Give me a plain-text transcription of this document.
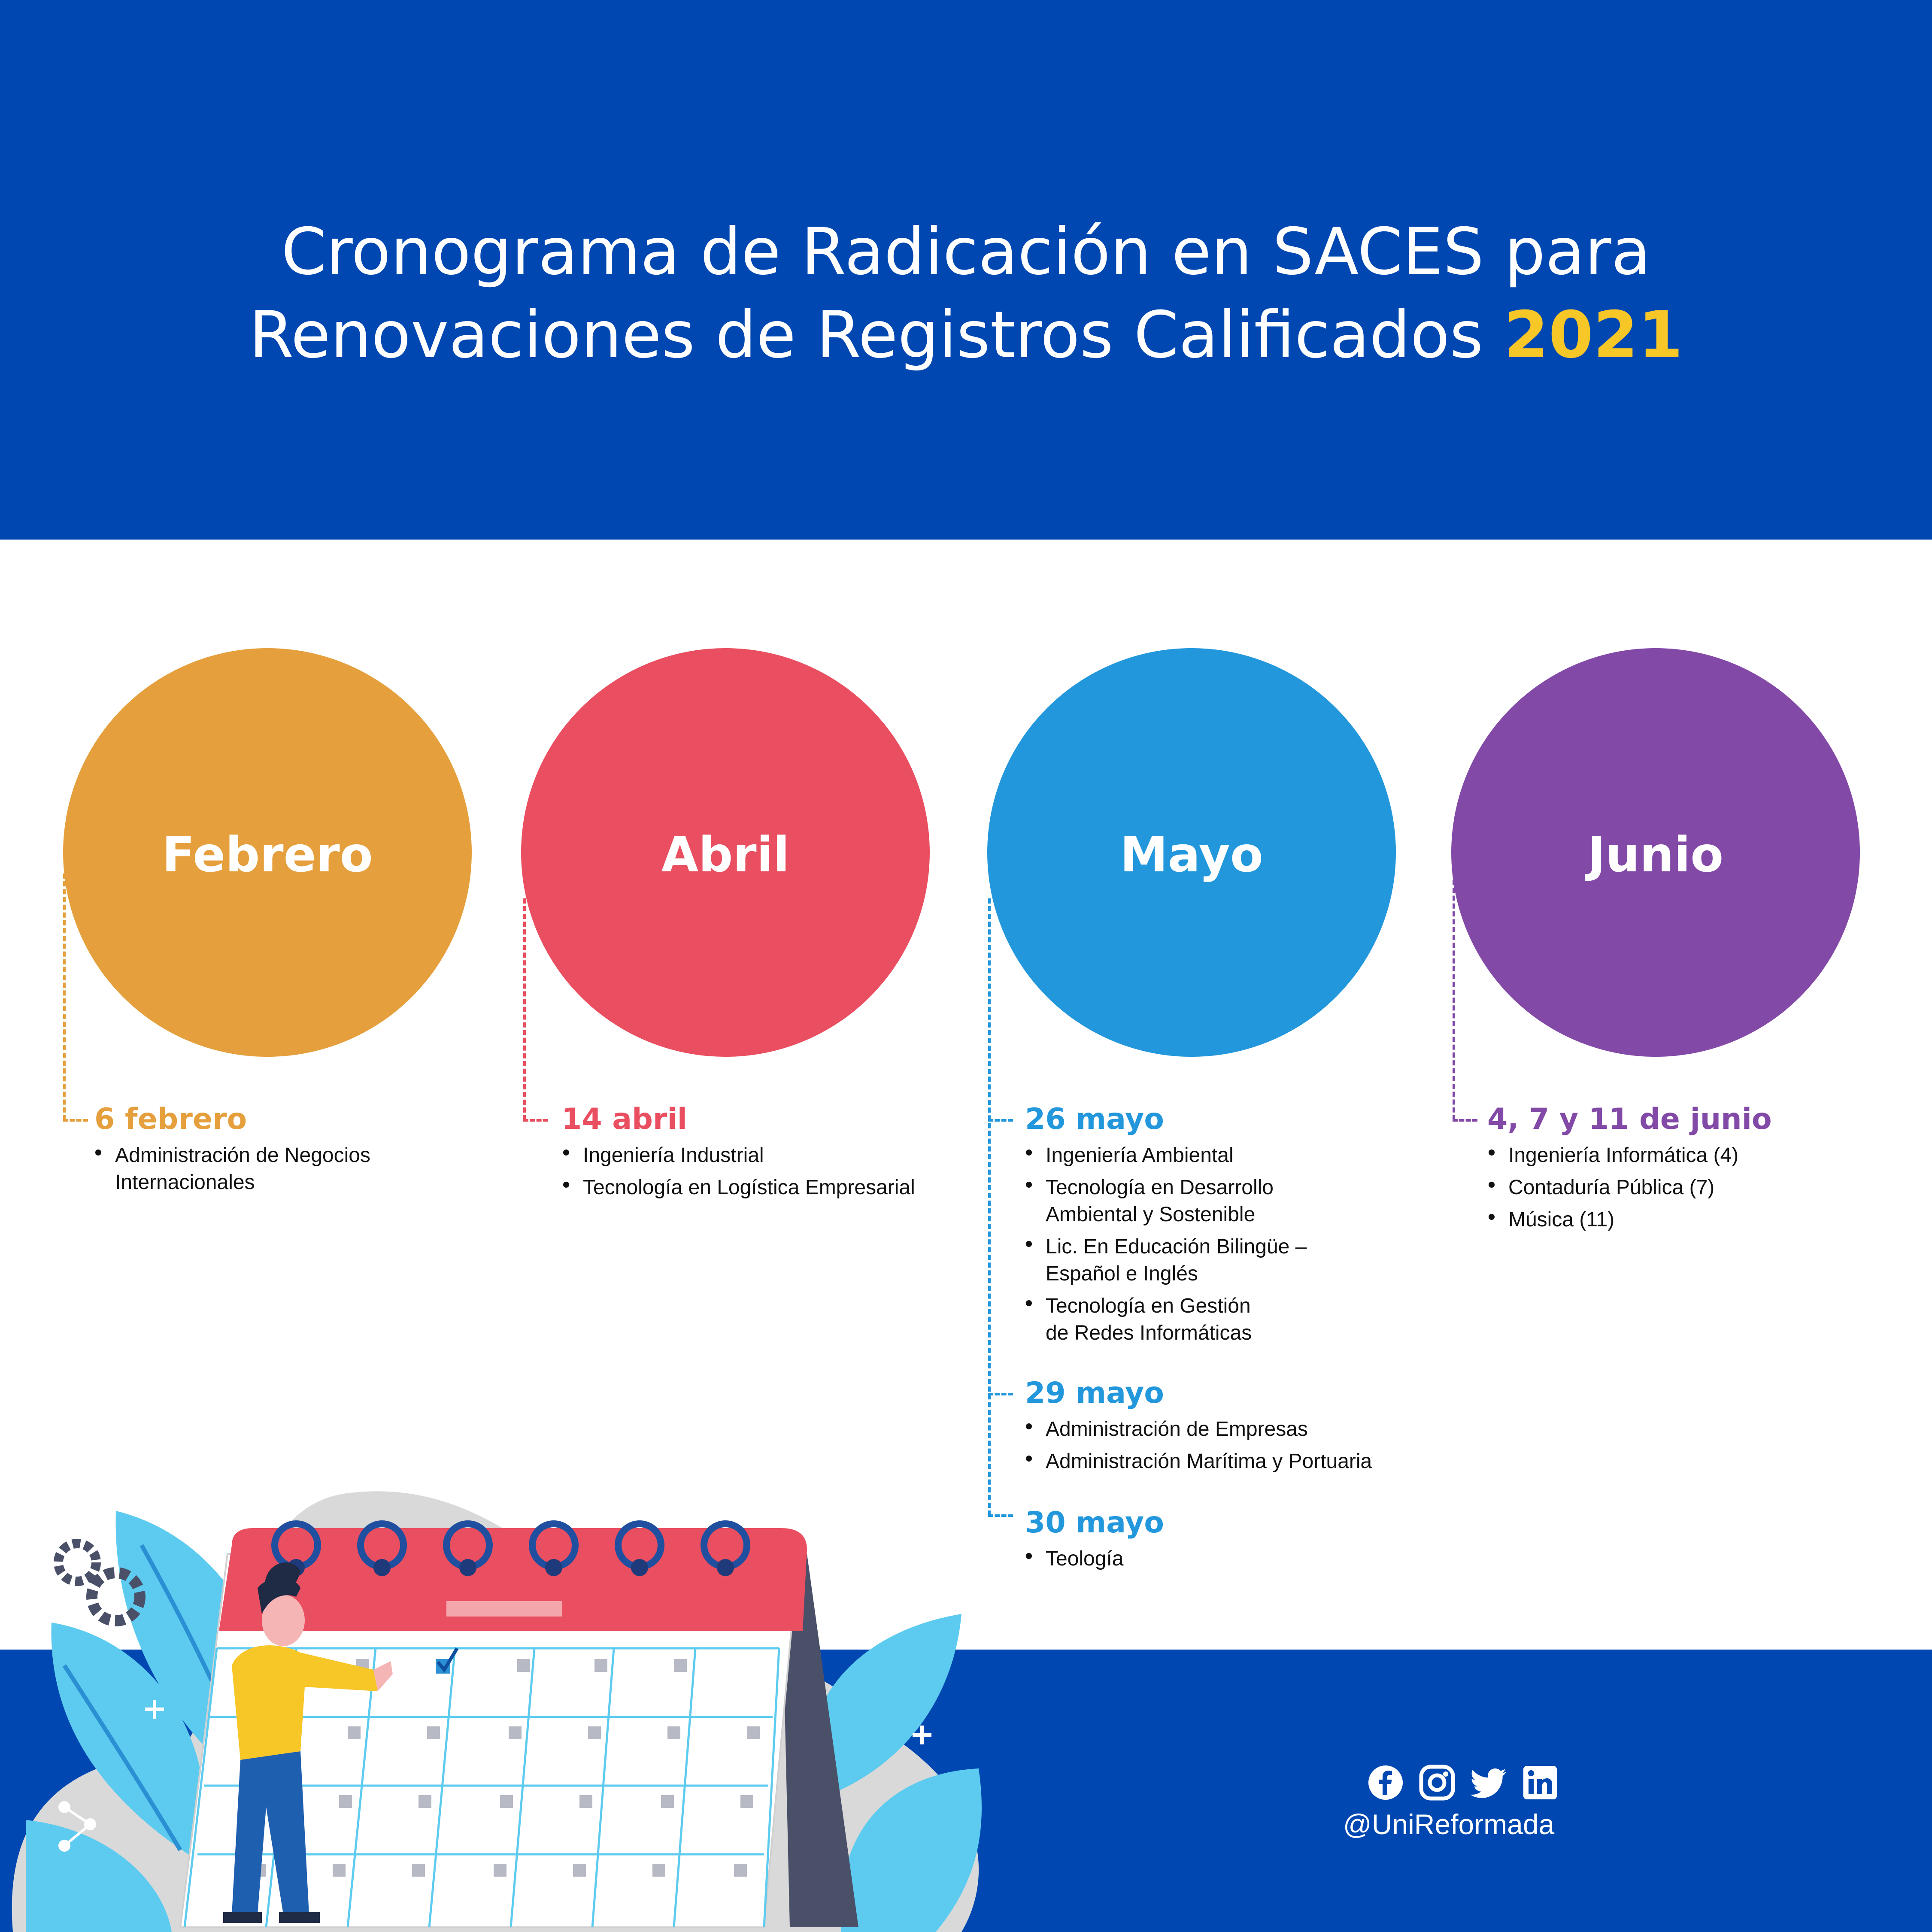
Cronograma de Radicación en SACES para
Renovaciones de Registros Calificados 2021
Febrero	Abril	Mayo	Junio
6 febrero
Administración de Negocios
Internacionales
14 abril
Ingeniería Industrial
Tecnología en Logística Empresarial
26 mayo
Ingeniería Ambiental
Tecnología en Desarrollo
Ambiental y Sostenible
Lic. En Educación Bilingüe –
Español e Inglés
Tecnología en Gestión
de Redes Informáticas
29 mayo
Administración de Empresas
Administración Marítima y Portuaria
30 mayo
Teología
4, 7 y 11 de junio
Ingeniería Informática (4)
Contaduría Pública (7)
Música (11)
@UniReformada
